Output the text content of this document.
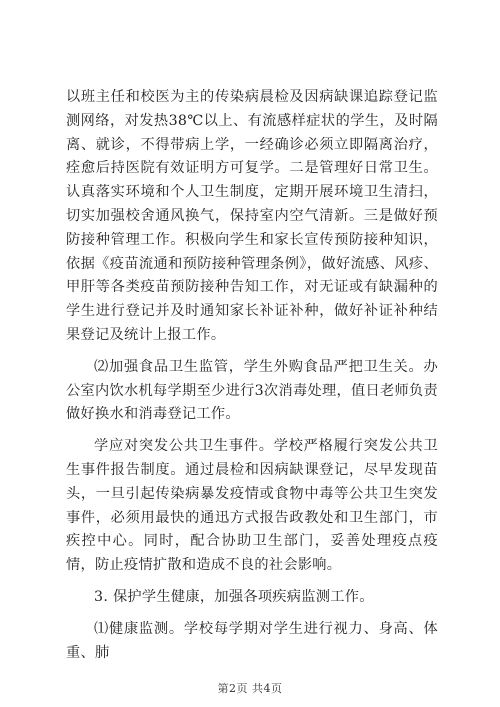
以班主任和校医为主的传染病晨检及因病缺课追踪登记监测网络，对发热38℃以上、有流感样症状的学生，及时隔离、就诊，不得带病上学，一经确诊必须立即隔离治疗，痊愈后持医院有效证明方可复学。二是管理好日常卫生。认真落实环境和个人卫生制度，定期开展环境卫生清扫，切实加强校舍通风换气，保持室内空气清新。三是做好预防接种管理工作。积极向学生和家长宣传预防接种知识，依据《疫苗流通和预防接种管理条例》，做好流感、风疹、甲肝等各类疫苗预防接种告知工作，对无证或有缺漏种的学生进行登记并及时通知家长补证补种，做好补证补种结果登记及统计上报工作。

⑵加强食品卫生监管，学生外购食品严把卫生关。办公室内饮水机每学期至少进行3次消毒处理，值日老师负责做好换水和消毒登记工作。

学应对突发公共卫生事件。学校严格履行突发公共卫生事件报告制度。通过晨检和因病缺课登记，尽早发现苗头，一旦引起传染病暴发疫情或食物中毒等公共卫生突发事件，必须用最快的通迅方式报告政教处和卫生部门，市疾控中心。同时，配合协助卫生部门，妥善处理疫点疫情，防止疫情扩散和造成不良的社会影响。

3. 保护学生健康，加强各项疾病监测工作。

⑴健康监测。学校每学期对学生进行视力、身高、体重、肺

第2页 共4页
